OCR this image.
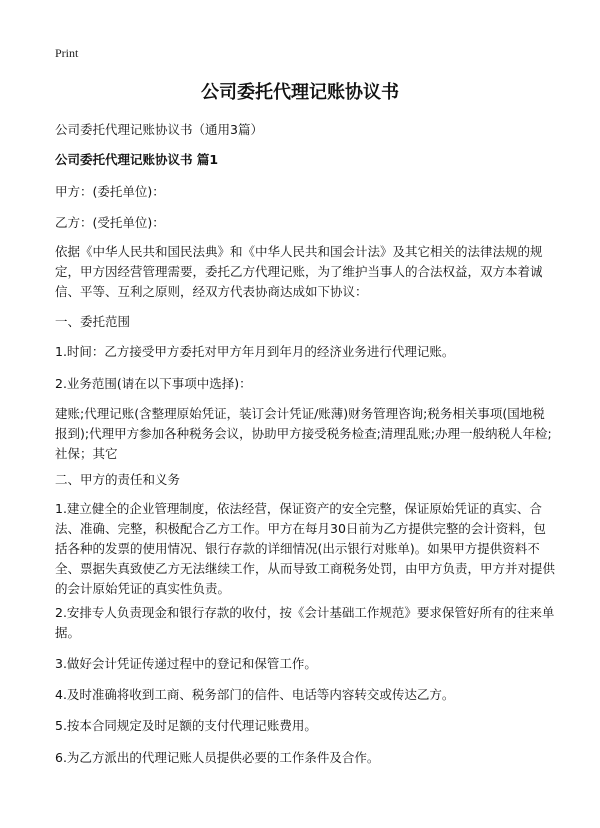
Print
公司委托代理记账协议书

公司委托代理记账协议书（通用3篇）

公司委托代理记账协议书 篇1

甲方：(委托单位)：

乙方：(受托单位)：

依据《中华人民共和国民法典》和《中华人民共和国会计法》及其它相关的法律法规的规定，甲方因经营管理需要，委托乙方代理记账，为了维护当事人的合法权益，双方本着诚信、平等、互利之原则，经双方代表协商达成如下协议：

一、委托范围

1.时间：乙方接受甲方委托对甲方年月到年月的经济业务进行代理记账。

2.业务范围(请在以下事项中选择)：

建账;代理记账(含整理原始凭证，装订会计凭证/账薄)财务管理咨询;税务相关事项(国地税报到);代理甲方参加各种税务会议，协助甲方接受税务检查;清理乱账;办理一般纳税人年检;社保；其它

二、甲方的责任和义务

1.建立健全的企业管理制度，依法经营，保证资产的安全完整，保证原始凭证的真实、合法、准确、完整，积极配合乙方工作。甲方在每月30日前为乙方提供完整的会计资料，包括各种的发票的使用情况、银行存款的详细情况(出示银行对账单)。如果甲方提供资料不全、票据失真致使乙方无法继续工作，从而导致工商税务处罚，由甲方负责，甲方并对提供的会计原始凭证的真实性负责。

2.安排专人负责现金和银行存款的收付，按《会计基础工作规范》要求保管好所有的往来单据。

3.做好会计凭证传递过程中的登记和保管工作。

4.及时准确将收到工商、税务部门的信件、电话等内容转交或传达乙方。

5.按本合同规定及时足额的支付代理记账费用。

6.为乙方派出的代理记账人员提供必要的工作条件及合作。
